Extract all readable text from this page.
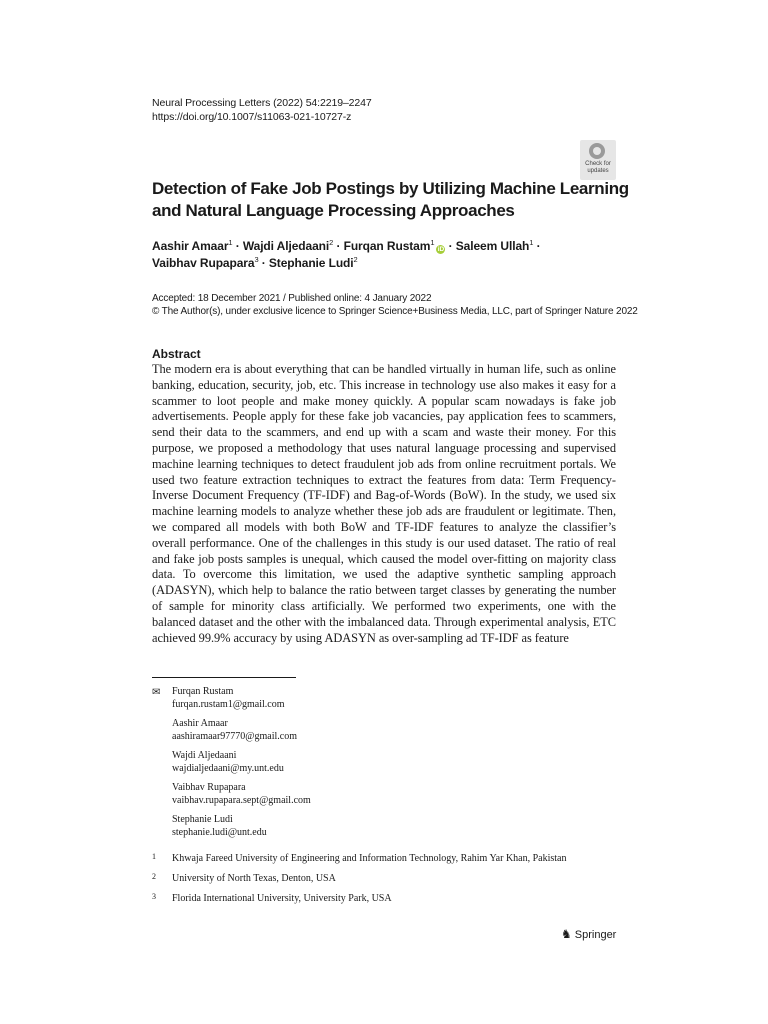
Neural Processing Letters (2022) 54:2219–2247
https://doi.org/10.1007/s11063-021-10727-z
Check for
updates
Detection of Fake Job Postings by Utilizing Machine Learning
and Natural Language Processing Approaches
Aashir Amaar$^1$ · Wajdi Aljedaani$^2$ · Furqan Rustam$^1$iD · Saleem Ullah$^1$ ·
Vaibhav Rupapara$^3$ · Stephanie Ludi$^2$
Accepted: 18 December 2021 / Published online: 4 January 2022
© The Author(s), under exclusive licence to Springer Science+Business Media, LLC, part of Springer Nature 2022
Abstract
The modern era is about everything that can be handled virtually in human life, such as online banking, education, security, job, etc. This increase in technology use also makes it easy for a scammer to loot people and make money quickly. A popular scam nowadays is fake job advertisements. People apply for these fake job vacancies, pay application fees to scammers, send their data to the scammers, and end up with a scam and waste their money. For this purpose, we proposed a methodology that uses natural language processing and supervised machine learning techniques to detect fraudulent job ads from online recruitment portals. We used two feature extraction techniques to extract the features from data: Term Frequency-Inverse Document Frequency (TF-IDF) and Bag-of-Words (BoW). In the study, we used six machine learning models to analyze whether these job ads are fraudulent or legitimate. Then, we compared all models with both BoW and TF-IDF features to analyze the classifier’s overall performance. One of the challenges in this study is our used dataset. The ratio of real and fake job posts samples is unequal, which caused the model over-fitting on majority class data. To overcome this limitation, we used the adaptive synthetic sampling approach (ADASYN), which help to balance the ratio between target classes by generating the number of sample for minority class artificially. We performed two experiments, one with the balanced dataset and the other with the imbalanced data. Through experimental analysis, ETC achieved 99.9% accuracy by using ADASYN as over-sampling ad TF-IDF as feature
✉ Furqan Rustam
furqan.rustam1@gmail.com
Aashir Amaar
aashiramaar97770@gmail.com
Wajdi Aljedaani
wajdialjedaani@my.unt.edu
Vaibhav Rupapara
vaibhav.rupapara.sept@gmail.com
Stephanie Ludi
stephanie.ludi@unt.edu
1 Khwaja Fareed University of Engineering and Information Technology, Rahim Yar Khan, Pakistan
2 University of North Texas, Denton, USA
3 Florida International University, University Park, USA
♞ Springer
